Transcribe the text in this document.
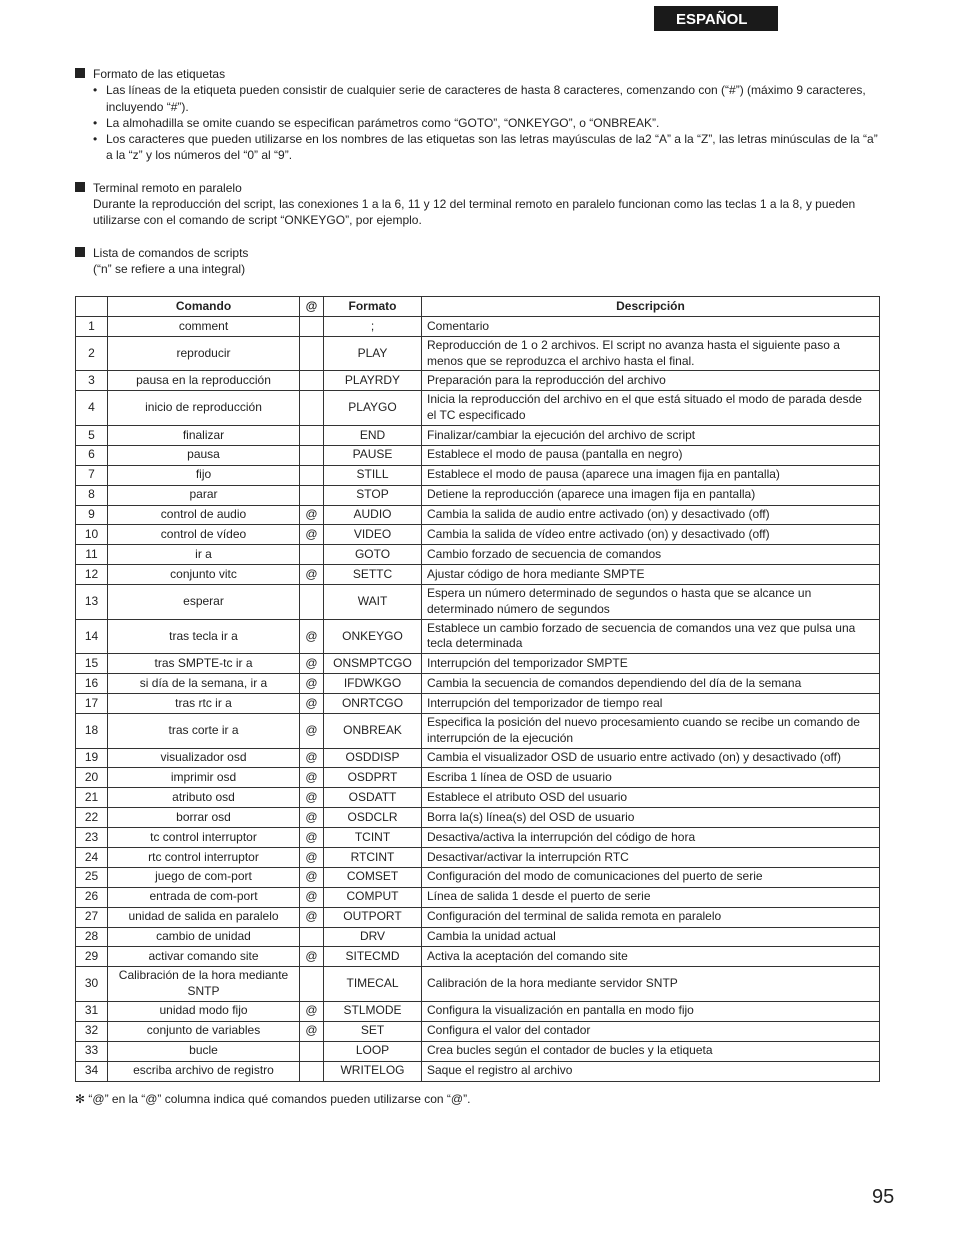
ESPAÑOL
Formato de las etiquetas
• Las líneas de la etiqueta pueden consistir de cualquier serie de caracteres de hasta 8 caracteres, comenzando con (“#”) (máximo 9 caracteres, incluyendo “#”).
• La almohadilla se omite cuando se especifican parámetros como “GOTO”, “ONKEYGO”, o “ONBREAK”.
• Los caracteres que pueden utilizarse en los nombres de las etiquetas son las letras mayúsculas de la2 “A” a la “Z”, las letras minúsculas de la “a” a la “z” y los números del “0” al “9”.
Terminal remoto en paralelo
Durante la reproducción del script, las conexiones 1 a la 6, 11 y 12 del terminal remoto en paralelo funcionan como las teclas 1 a la 8, y pueden utilizarse con el comando de script “ONKEYGO”, por ejemplo.
Lista de comandos de scripts
(“n” se refiere a una integral)
	Comando	@	Formato	Descripción
1	comment		;	Comentario
2	reproducir		PLAY	Reproducción de 1 o 2 archivos. El script no avanza hasta el siguiente paso a menos que se reproduzca el archivo hasta el final.
3	pausa en la reproducción		PLAYRDY	Preparación para la reproducción del archivo
4	inicio de reproducción		PLAYGO	Inicia la reproducción del archivo en el que está situado el modo de parada desde el TC especificado
5	finalizar		END	Finalizar/cambiar la ejecución del archivo de script
6	pausa		PAUSE	Establece el modo de pausa (pantalla en negro)
7	fijo		STILL	Establece el modo de pausa (aparece una imagen fija en pantalla)
8	parar		STOP	Detiene la reproducción (aparece una imagen fija en pantalla)
9	control de audio	@	AUDIO	Cambia la salida de audio entre activado (on) y desactivado (off)
10	control de vídeo	@	VIDEO	Cambia la salida de vídeo entre activado (on) y desactivado (off)
11	ir a		GOTO	Cambio forzado de secuencia de comandos
12	conjunto vitc	@	SETTC	Ajustar código de hora mediante SMPTE
13	esperar		WAIT	Espera un número determinado de segundos o hasta que se alcance un determinado número de segundos
14	tras tecla ir a	@	ONKEYGO	Establece un cambio forzado de secuencia de comandos una vez que pulsa una tecla determinada
15	tras SMPTE-tc ir a	@	ONSMPTCGO	Interrupción del temporizador SMPTE
16	si día de la semana, ir a	@	IFDWKGO	Cambia la secuencia de comandos dependiendo del día de la semana
17	tras rtc ir a	@	ONRTCGO	Interrupción del temporizador de tiempo real
18	tras corte ir a	@	ONBREAK	Especifica la posición del nuevo procesamiento cuando se recibe un comando de interrupción de la ejecución
19	visualizador osd	@	OSDDISP	Cambia el visualizador OSD de usuario entre activado (on) y desactivado (off)
20	imprimir osd	@	OSDPRT	Escriba 1 línea de OSD de usuario
21	atributo osd	@	OSDATT	Establece el atributo OSD del usuario
22	borrar osd	@	OSDCLR	Borra la(s) línea(s) del OSD de usuario
23	tc control interruptor	@	TCINT	Desactiva/activa la interrupción del código de hora
24	rtc control interruptor	@	RTCINT	Desactivar/activar la interrupción RTC
25	juego de com-port	@	COMSET	Configuración del modo de comunicaciones del puerto de serie
26	entrada de com-port	@	COMPUT	Línea de salida 1 desde el puerto de serie
27	unidad de salida en paralelo	@	OUTPORT	Configuración del terminal de salida remota en paralelo
28	cambio de unidad		DRV	Cambia la unidad actual
29	activar comando site	@	SITECMD	Activa la aceptación del comando site
30	Calibración de la hora mediante SNTP		TIMECAL	Calibración de la hora mediante servidor SNTP
31	unidad modo fijo	@	STLMODE	Configura la visualización en pantalla en modo fijo
32	conjunto de variables	@	SET	Configura el valor del contador
33	bucle		LOOP	Crea bucles según el contador de bucles y la etiqueta
34	escriba archivo de registro		WRITELOG	Saque el registro al archivo
✻ “@” en la “@” columna indica qué comandos pueden utilizarse con “@”.
95
